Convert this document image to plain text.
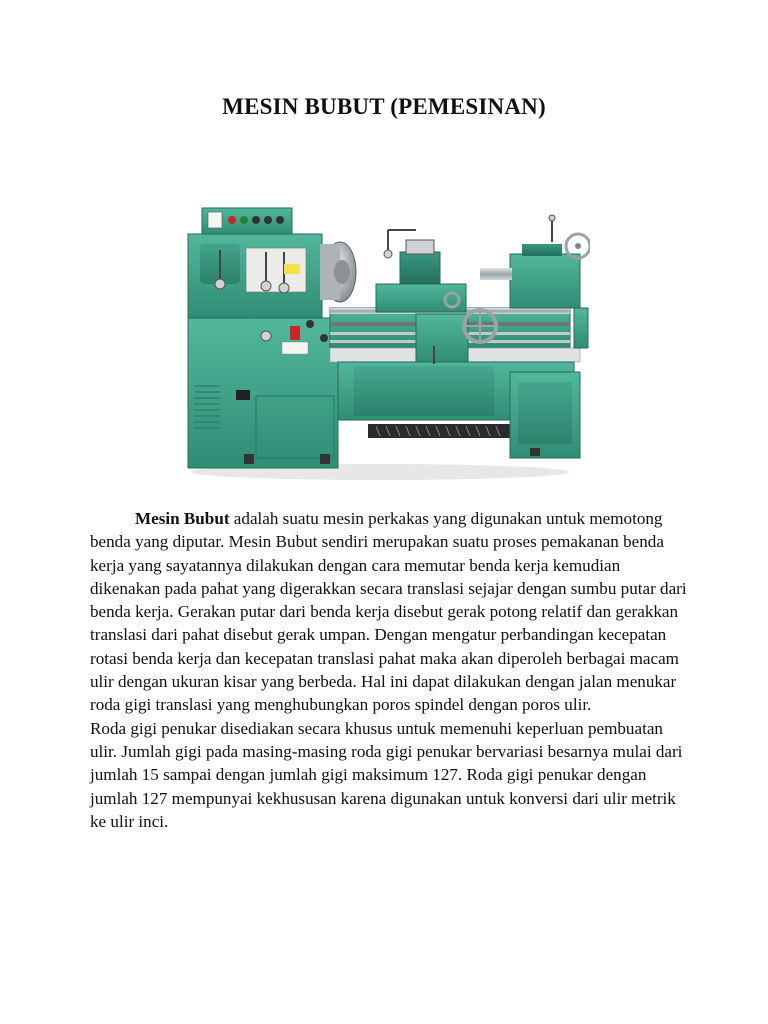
MESIN BUBUT (PEMESINAN)

Mesin Bubut adalah suatu mesin perkakas yang digunakan untuk memotong benda yang diputar. Mesin Bubut sendiri merupakan suatu proses pemakanan benda kerja yang sayatannya dilakukan dengan cara memutar benda kerja kemudian dikenakan pada pahat yang digerakkan secara translasi sejajar dengan sumbu putar dari benda kerja. Gerakan putar dari benda kerja disebut gerak potong relatif dan gerakkan translasi dari pahat disebut gerak umpan. Dengan mengatur perbandingan kecepatan rotasi benda kerja dan kecepatan translasi pahat maka akan diperoleh berbagai macam ulir dengan ukuran kisar yang berbeda. Hal ini dapat dilakukan dengan jalan menukar roda gigi translasi yang menghubungkan poros spindel dengan poros ulir.

Roda gigi penukar disediakan secara khusus untuk memenuhi keperluan pembuatan ulir. Jumlah gigi pada masing-masing roda gigi penukar bervariasi besarnya mulai dari jumlah 15 sampai dengan jumlah gigi maksimum 127. Roda gigi penukar dengan jumlah 127 mempunyai kekhususan karena digunakan untuk konversi dari ulir metrik ke ulir inci.
